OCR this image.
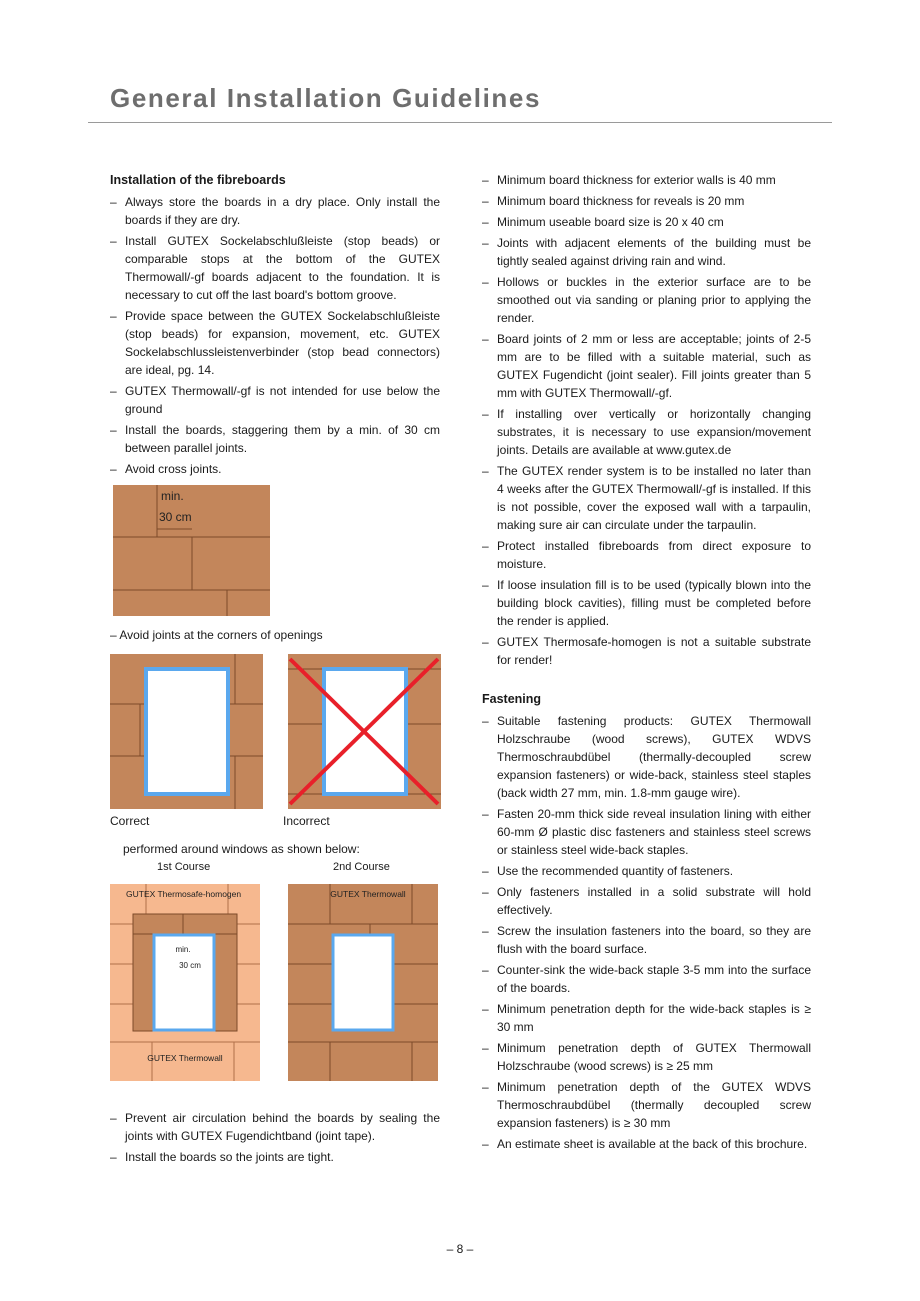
General Installation Guidelines
Installation of the fibreboards
– Always store the boards in a dry place. Only install the boards if they are dry.
– Install GUTEX Sockelabschlußleiste (stop beads) or comparable stops at the bottom of the GUTEX Thermowall/-gf boards adjacent to the foundation. It is necessary to cut off the last board's bottom groove.
– Provide space between the GUTEX Sockelabschlußleiste (stop beads) for expansion, movement, etc. GUTEX Sockelabschlussleistenverbinder (stop bead connectors) are ideal, pg. 14.
– GUTEX Thermowall/-gf is not intended for use below the ground
– Install the boards, staggering them by a min. of 30 cm between parallel joints.
– Avoid cross joints.
min.
30 cm
– Avoid joints at the corners of openings
Correct	Incorrect
performed around windows as shown below:
1st Course	2nd Course
GUTEX Thermosafe-homogen
min.
30 cm
GUTEX Thermowall
GUTEX Thermowall
– Prevent air circulation behind the boards by sealing the joints with GUTEX Fugendichtband (joint tape).
– Install the boards so the joints are tight.
– Minimum board thickness for exterior walls is 40 mm
– Minimum board thickness for reveals is 20 mm
– Minimum useable board size is 20 x 40 cm
– Joints with adjacent elements of the building must be tightly sealed against driving rain and wind.
– Hollows or buckles in the exterior surface are to be smoothed out via sanding or planing prior to applying the render.
– Board joints of 2 mm or less are acceptable; joints of 2-5 mm are to be filled with a suitable material, such as GUTEX Fugendicht (joint sealer). Fill joints greater than 5 mm with GUTEX Thermowall/-gf.
– If installing over vertically or horizontally changing substrates, it is necessary to use expansion/movement joints. Details are available at www.gutex.de
– The GUTEX render system is to be installed no later than 4 weeks after the GUTEX Thermowall/-gf is installed. If this is not possible, cover the exposed wall with a tarpaulin, making sure air can circulate under the tarpaulin.
– Protect installed fibreboards from direct exposure to moisture.
– If loose insulation fill is to be used (typically blown into the building block cavities), filling must be completed before the render is applied.
– GUTEX Thermosafe-homogen is not a suitable substrate for render!
Fastening
– Suitable fastening products: GUTEX Thermowall Holzschraube (wood screws), GUTEX WDVS Thermoschraubdübel (thermally-decoupled screw expansion fasteners) or wide-back, stainless steel staples (back width 27 mm, min. 1.8-mm gauge wire).
– Fasten 20-mm thick side reveal insulation lining with either 60-mm Ø plastic disc fasteners and stainless steel screws or stainless steel wide-back staples.
– Use the recommended quantity of fasteners.
– Only fasteners installed in a solid substrate will hold effectively.
– Screw the insulation fasteners into the board, so they are flush with the board surface.
– Counter-sink the wide-back staple 3-5 mm into the surface of the boards.
– Minimum penetration depth for the wide-back staples is ≥ 30 mm
– Minimum penetration depth of GUTEX Thermowall Holzschraube (wood screws) is ≥ 25 mm
– Minimum penetration depth of the GUTEX WDVS Thermoschraubdübel (thermally decoupled screw expansion fasteners) is ≥ 30 mm
– An estimate sheet is available at the back of this brochure.
– 8 –
